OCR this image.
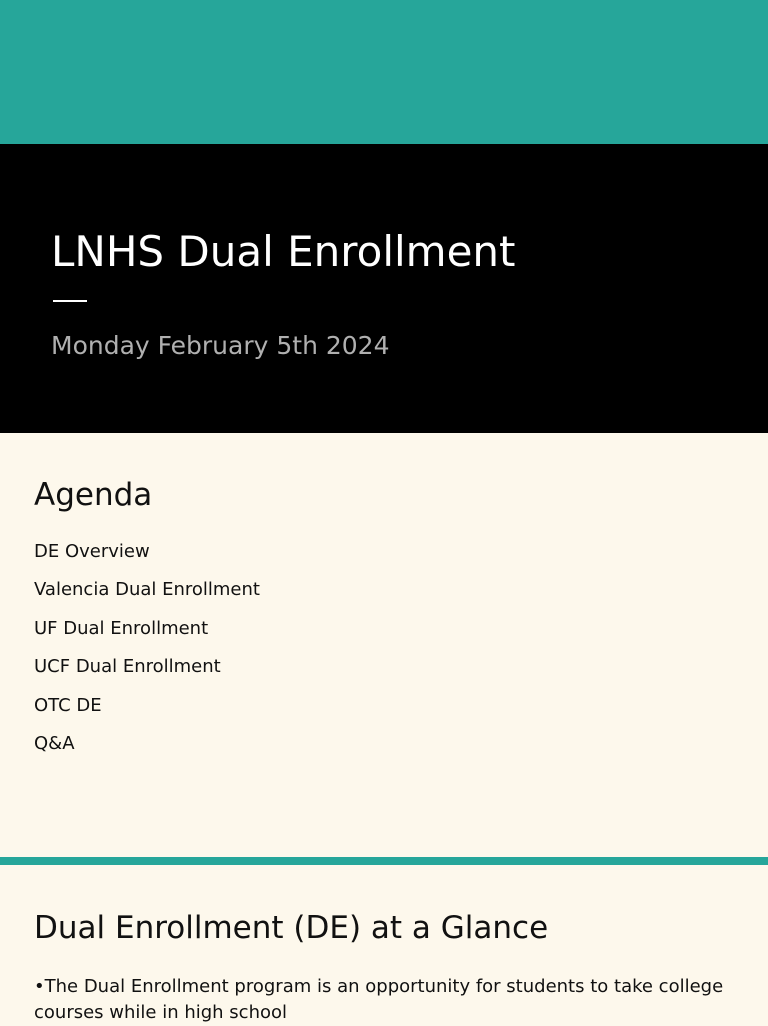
LNHS Dual Enrollment
Monday February 5th 2024
Agenda
DE Overview
Valencia Dual Enrollment
UF Dual Enrollment
UCF Dual Enrollment
OTC DE
Q&A
Dual Enrollment (DE) at a Glance

•The Dual Enrollment program is an opportunity for students to take college courses while in high school
